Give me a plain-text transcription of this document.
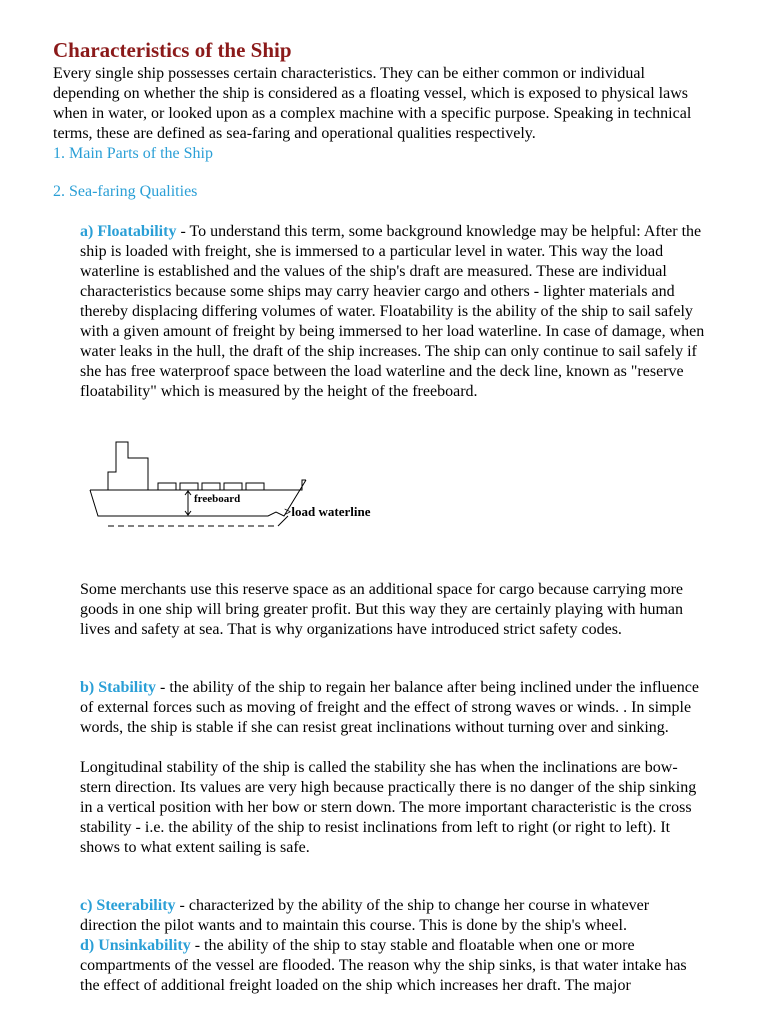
Characteristics of the Ship

Every single ship possesses certain characteristics. They can be either common or individual depending on whether the ship is considered as a floating vessel, which is exposed to physical laws when in water, or looked upon as a complex machine with a specific purpose. Speaking in technical terms, these are defined as sea-faring and operational qualities respectively.

1. Main Parts of the Ship
2. Sea-faring Qualities

a) Floatability - To understand this term, some background knowledge may be helpful: After the ship is loaded with freight, she is immersed to a particular level in water. This way the load waterline is established and the values of the ship's draft are measured. These are individual characteristics because some ships may carry heavier cargo and others - lighter materials and thereby displacing differing volumes of water. Floatability is the ability of the ship to sail safely with a given amount of freight by being immersed to her load waterline. In case of damage, when water leaks in the hull, the draft of the ship increases. The ship can only continue to sail safely if she has free waterproof space between the load waterline and the deck line, known as "reserve floatability" which is measured by the height of the freeboard.

freeboard
>load waterline

Some merchants use this reserve space as an additional space for cargo because carrying more goods in one ship will bring greater profit. But this way they are certainly playing with human lives and safety at sea. That is why organizations have introduced strict safety codes.

b) Stability - the ability of the ship to regain her balance after being inclined under the influence of external forces such as moving of freight and the effect of strong waves or winds. . In simple words, the ship is stable if she can resist great inclinations without turning over and sinking.

Longitudinal stability of the ship is called the stability she has when the inclinations are bow-stern direction. Its values are very high because practically there is no danger of the ship sinking in a vertical position with her bow or stern down. The more important characteristic is the cross stability - i.e. the ability of the ship to resist inclinations from left to right (or right to left). It shows to what extent sailing is safe.

c) Steerability - characterized by the ability of the ship to change her course in whatever direction the pilot wants and to maintain this course. This is done by the ship's wheel.

d) Unsinkability - the ability of the ship to stay stable and floatable when one or more compartments of the vessel are flooded. The reason why the ship sinks, is that water intake has the effect of additional freight loaded on the ship which increases her draft. The major
